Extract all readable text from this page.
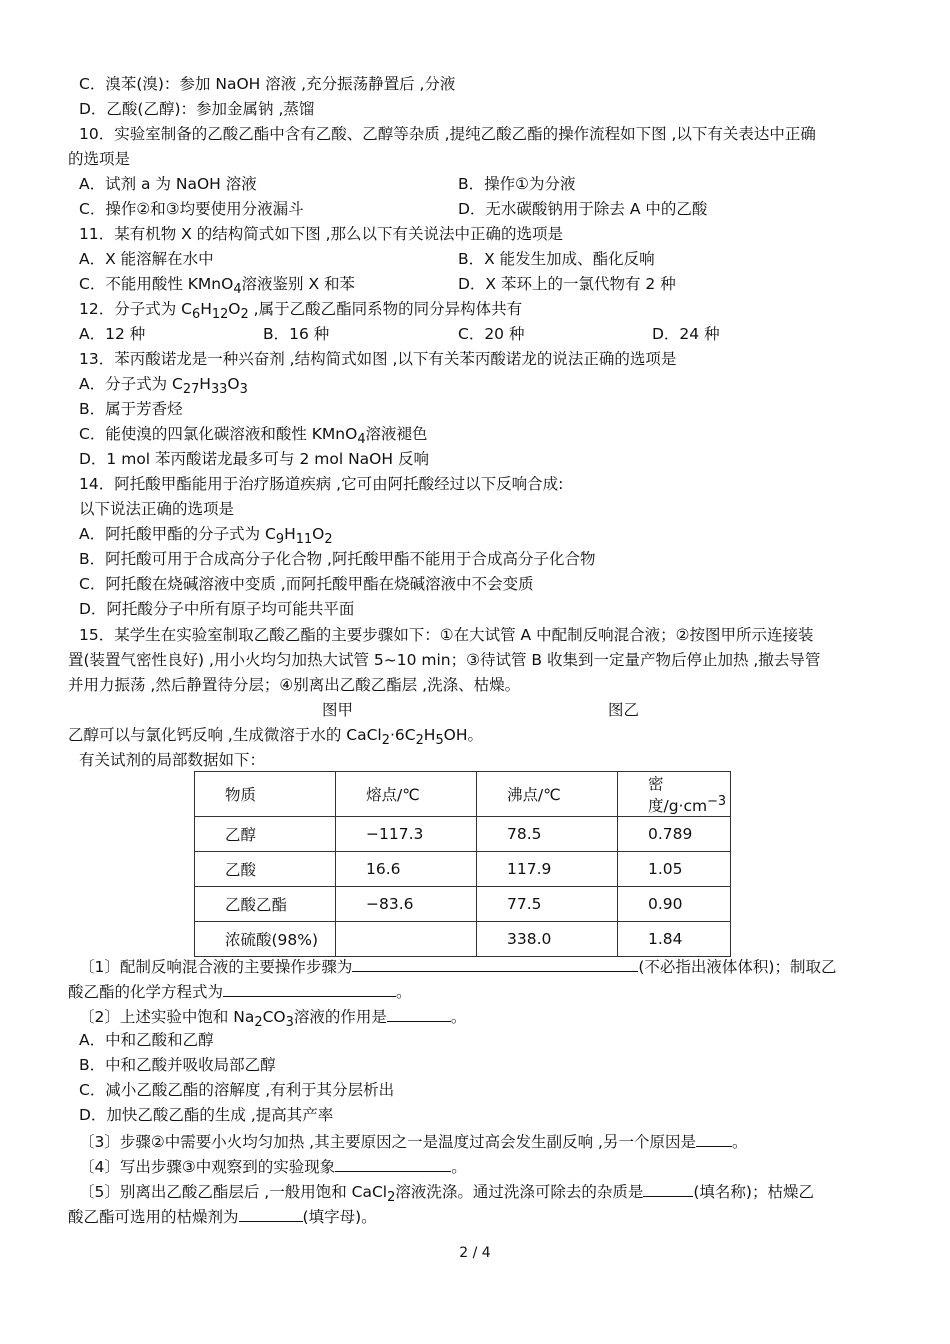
C．溴苯(溴)：参加 NaOH 溶液 ,充分振荡静置后 ,分液
D．乙酸(乙醇)：参加金属钠 ,蒸馏
10．实验室制备的乙酸乙酯中含有乙酸、乙醇等杂质 ,提纯乙酸乙酯的操作流程如下图 ,以下有关表达中正确
的选项是
A．试剂 a 为 NaOH 溶液	B．操作①为分液
C．操作②和③均要使用分液漏斗	D．无水碳酸钠用于除去 A 中的乙酸
11．某有机物 X 的结构简式如下图 ,那么以下有关说法中正确的选项是
A．X 能溶解在水中	B．X 能发生加成、酯化反响
C．不能用酸性 KMnO$_4$溶液鉴别 X 和苯	D．X 苯环上的一氯代物有 2 种
12．分子式为 $C_6H_{12}O_2$ ,属于乙酸乙酯同系物的同分异构体共有
A．12 种	B．16 种	C．20 种	D．24 种
13．苯丙酸诺龙是一种兴奋剂 ,结构简式如图 ,以下有关苯丙酸诺龙的说法正确的选项是
A．分子式为 $C_{27}H_{33}O_3$
B．属于芳香烃
C．能使溴的四氯化碳溶液和酸性 KMnO$_4$溶液褪色
D．1 mol 苯丙酸诺龙最多可与 2 mol NaOH 反响
14．阿托酸甲酯能用于治疗肠道疾病 ,它可由阿托酸经过以下反响合成:
以下说法正确的选项是
A．阿托酸甲酯的分子式为 $C_9H_{11}O_2$
B．阿托酸可用于合成高分子化合物 ,阿托酸甲酯不能用于合成高分子化合物
C．阿托酸在烧碱溶液中变质 ,而阿托酸甲酯在烧碱溶液中不会变质
D．阿托酸分子中所有原子均可能共平面
15．某学生在实验室制取乙酸乙酯的主要步骤如下：①在大试管 A 中配制反响混合液；②按图甲所示连接装
置(装置气密性良好) ,用小火均匀加热大试管 5~10 min；③待试管 B 收集到一定量产物后停止加热 ,撤去导管
并用力振荡 ,然后静置待分层；④别离出乙酸乙酯层 ,洗涤、枯燥。
图甲	图乙
乙醇可以与氯化钙反响 ,生成微溶于水的 $CaCl_2\cdot 6C_2H_5OH$。
有关试剂的局部数据如下：
物质	熔点/℃	沸点/℃	密度$/g\cdot cm^{-3}$
乙醇	−117.3	78.5	0.789
乙酸	16.6	117.9	1.05
乙酸乙酯	−83.6	77.5	0.90
浓硫酸(98%)		338.0	1.84
〔1〕配制反响混合液的主要操作步骤为	(不必指出液体体积)；制取乙
酸乙酯的化学方程式为	。
〔2〕上述实验中饱和 $Na_2CO_3$溶液的作用是	。
A．中和乙酸和乙醇
B．中和乙酸并吸收局部乙醇
C．减小乙酸乙酯的溶解度 ,有利于其分层析出
D．加快乙酸乙酯的生成 ,提高其产率
〔3〕步骤②中需要小火均匀加热 ,其主要原因之一是温度过高会发生副反响 ,另一个原因是 。
〔4〕写出步骤③中观察到的实验现象	。
〔5〕别离出乙酸乙酯层后 ,一般用饱和 CaCl$_2$溶液洗涤。通过洗涤可除去的杂质是	(填名称)；枯燥乙
酸乙酯可选用的枯燥剂为	(填字母)。
2 / 4
